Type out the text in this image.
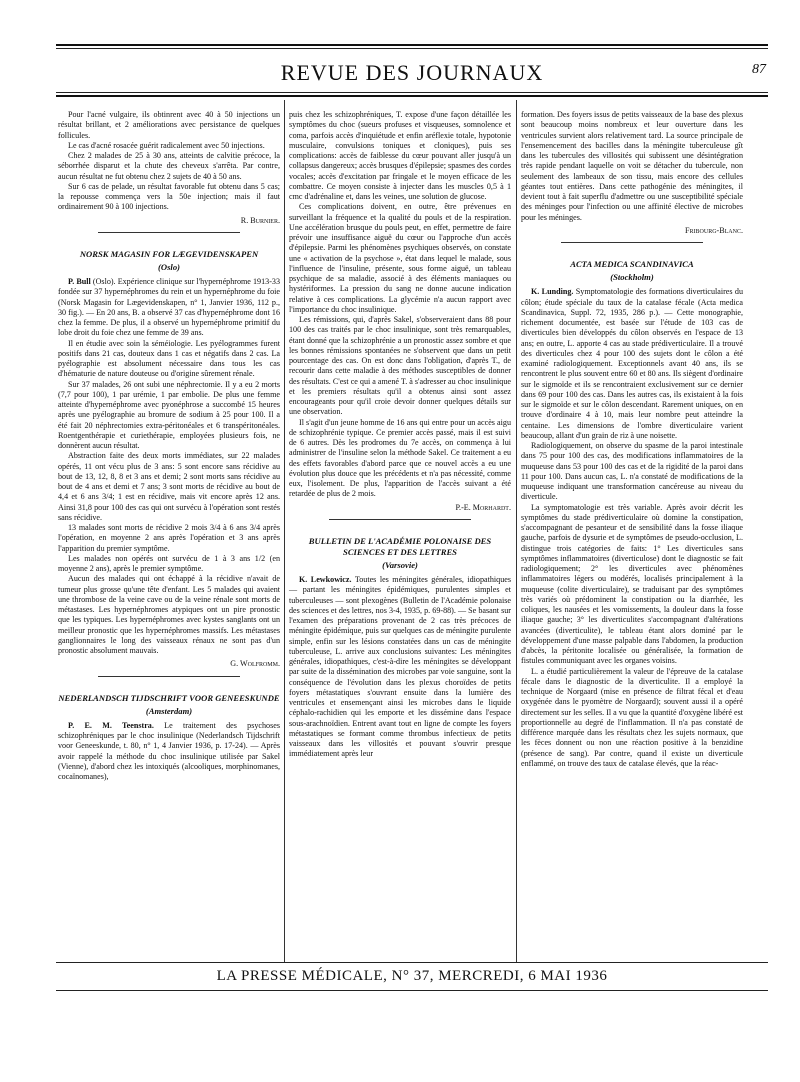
REVUE DES JOURNAUX	87

Pour l'acné vulgaire, ils obtinrent avec 40 à 50 injections un résultat brillant, et 2 améliorations avec persistance de quelques follicules.

Le cas d'acné rosacée guérit radicalement avec 50 injections.

Chez 2 malades de 25 à 30 ans, atteints de calvitie précoce, la séborrhée disparut et la chute des cheveux s'arrêta. Par contre, aucun résultat ne fut obtenu chez 2 sujets de 40 à 50 ans.

Sur 6 cas de pelade, un résultat favorable fut obtenu dans 5 cas; la repousse commença vers la 50e injection; mais il faut ordinairement 90 à 100 injections.

R. Burnier.

NORSK MAGASIN FOR LÆGEVIDENSKAPEN

(Oslo)

P. Bull (Oslo). Expérience clinique sur l'hypernéphrome 1913-33 fondée sur 37 hypernéphromes du rein et un hypernéphrome du foie (Norsk Magasin for Lægevidenskapen, n° 1, Janvier 1936, 112 p., 30 fig.). — En 20 ans, B. a observé 37 cas d'hypernéphrome dont 16 chez la femme. De plus, il a observé un hypernéphrome primitif du lobe droit du foie chez une femme de 39 ans.

Il en étudie avec soin la séméiologie. Les pyélogrammes furent positifs dans 21 cas, douteux dans 1 cas et négatifs dans 2 cas. La pyélographie est absolument nécessaire dans tous les cas d'hématurie de nature douteuse ou d'origine sûrement rénale.

Sur 37 malades, 26 ont subi une néphrectomie. Il y a eu 2 morts (7,7 pour 100), 1 par urémie, 1 par embolie. De plus une femme atteinte d'hypernéphrome avec pyonéphrose a succombé 15 heures après une pyélographie au bromure de sodium à 25 pour 100. Il a été fait 20 néphrectomies extra-péritonéales et 6 transpéritonéales. Roentgenthérapie et curiethérapie, employées plusieurs fois, ne donnèrent aucun résultat.

Abstraction faite des deux morts immédiates, sur 22 malades opérés, 11 ont vécu plus de 3 ans: 5 sont encore sans récidive au bout de 13, 12, 8, 8 et 3 ans et demi; 2 sont morts sans récidive au bout de 4 ans et demi et 7 ans; 3 sont morts de récidive au bout de 4,4 et 6 ans 3/4; 1 est en récidive, mais vit encore après 12 ans. Ainsi 31,8 pour 100 des cas qui ont survécu à l'opération sont restés sans récidive.

13 malades sont morts de récidive 2 mois 3/4 à 6 ans 3/4 après l'opération, en moyenne 2 ans après l'opération et 3 ans après l'apparition du premier symptôme.

Les malades non opérés ont survécu de 1 à 3 ans 1/2 (en moyenne 2 ans), après le premier symptôme.

Aucun des malades qui ont échappé à la récidive n'avait de tumeur plus grosse qu'une tête d'enfant. Les 5 malades qui avaient une thrombose de la veine cave ou de la veine rénale sont morts de métastases. Les hypernéphromes atypiques ont un pire pronostic que les typiques. Les hypernéphromes avec kystes sanglants ont un meilleur pronostic que les hypernéphromes massifs. Les métastases ganglionnaires le long des vaisseaux rénaux ne sont pas d'un pronostic absolument mauvais.

G. Wolfromm.

NEDERLANDSCH TIJDSCHRIFT VOOR GENEESKUNDE

(Amsterdam)

P. E. M. Teenstra. Le traitement des psychoses schizophréniques par le choc insulinique (Nederlandsch Tijdschrift voor Geneeskunde, t. 80, n° 1, 4 Janvier 1936, p. 17-24). — Après avoir rappelé la méthode du choc insulinique utilisée par Sakel (Vienne), d'abord chez les intoxiqués (alcooliques, morphinomanes, cocaïnomanes),

puis chez les schizophréniques, T. expose d'une façon détaillée les symptômes du choc (sueurs profuses et visqueuses, somnolence et coma, parfois accès d'inquiétude et enfin aréflexie totale, hypotonie musculaire, convulsions toniques et cloniques), puis ses complications: accès de faiblesse du cœur pouvant aller jusqu'à un collapsus dangereux; accès brusques d'épilepsie; spasmes des cordes vocales; accès d'excitation par fringale et le moyen efficace de les combattre. Ce moyen consiste à injecter dans les muscles 0,5 à 1 cmc d'adrénaline et, dans les veines, une solution de glucose.

Ces complications doivent, en outre, être prévenues en surveillant la fréquence et la qualité du pouls et de la respiration. Une accélération brusque du pouls peut, en effet, permettre de faire prévoir une insuffisance aiguë du cœur ou l'approche d'un accès d'épilepsie. Parmi les phénomènes psychiques observés, on constate une « activation de la psychose », état dans lequel le malade, sous l'influence de l'insuline, présente, sous forme aiguë, un tableau psychique de sa maladie, associé à des éléments maniaques ou hystériformes. La pression du sang ne donne aucune indication relative à ces complications. La glycémie n'a aucun rapport avec l'importance du choc insulinique.

Les rémissions, qui, d'après Sakel, s'observeraient dans 88 pour 100 des cas traités par le choc insulinique, sont très remarquables, étant donné que la schizophrénie a un pronostic assez sombre et que les bonnes rémissions spontanées ne s'observent que dans un petit pourcentage des cas. On est donc dans l'obligation, d'après T., de recourir dans cette maladie à des méthodes susceptibles de donner des résultats. C'est ce qui a amené T. à s'adresser au choc insulinique et les premiers résultats qu'il a obtenus ainsi sont assez encourageants pour qu'il croie devoir donner quelques détails sur une observation.

Il s'agit d'un jeune homme de 16 ans qui entre pour un accès aigu de schizophrénie typique. Ce premier accès passé, mais il est suivi de 6 autres. Dès les prodromes du 7e accès, on commença à lui administrer de l'insuline selon la méthode Sakel. Ce traitement a eu des effets favorables d'abord parce que ce nouvel accès a eu une évolution plus douce que les précédents et n'a pas nécessité, comme eux, l'isolement. De plus, l'apparition de l'accès suivant a été retardée de plus de 2 mois.

P.-E. Morhardt.

BULLETIN DE L'ACADÉMIE POLONAISE DES SCIENCES ET DES LETTRES

(Varsovie)

K. Lewkowicz. Toutes les méningites générales, idiopathiques — partant les méningites épidémiques, purulentes simples et tuberculeuses — sont plexogènes (Bulletin de l'Académie polonaise des sciences et des lettres, nos 3-4, 1935, p. 69-88). — Se basant sur l'examen des préparations provenant de 2 cas très précoces de méningite épidémique, puis sur quelques cas de méningite purulente simple, enfin sur les lésions constatées dans un cas de méningite tuberculeuse, L. arrive aux conclusions suivantes: Les méningites générales, idiopathiques, c'est-à-dire les méningites se développant par suite de la dissémination des microbes par voie sanguine, sont la conséquence de l'évolution dans les plexus choroïdes de petits foyers métastatiques s'ouvrant ensuite dans la lumière des ventricules et ensemençant ainsi les microbes dans le liquide céphalo-rachidien qui les emporte et les dissémine dans l'espace sous-arachnoïdien. Entrent avant tout en ligne de compte les foyers métastatiques se formant comme thrombus infectieux de petits vaisseaux dans les villosités et pouvant s'ouvrir presque immédiatement après leur

formation. Des foyers issus de petits vaisseaux de la base des plexus sont beaucoup moins nombreux et leur ouverture dans les ventricules survient alors relativement tard. La source principale de l'ensemencement des bacilles dans la méningite tuberculeuse gît dans les tubercules des villosités qui subissent une désintégration très rapide pendant laquelle on voit se détacher du tubercule, non seulement des lambeaux de son tissu, mais encore des cellules géantes tout entières. Dans cette pathogénie des méningites, il devient tout à fait superflu d'admettre ou une susceptibilité spéciale des méninges pour l'infection ou une affinité élective de microbes pour les méninges.

Fribourg-Blanc.

ACTA MEDICA SCANDINAVICA

(Stockholm)

K. Lunding. Symptomatologie des formations diverticulaires du côlon; étude spéciale du taux de la catalase fécale (Acta medica Scandinavica, Suppl. 72, 1935, 286 p.). — Cette monographie, richement documentée, est basée sur l'étude de 103 cas de diverticules bien développés du côlon observés en l'espace de 13 ans; en outre, L. apporte 4 cas au stade prédiverticulaire. Il a trouvé des diverticules chez 4 pour 100 des sujets dont le côlon a été examiné radiologiquement. Exceptionnels avant 40 ans, ils se rencontrent le plus souvent entre 60 et 80 ans. Ils siègent d'ordinaire sur le sigmoïde et ils se rencontraient exclusivement sur ce dernier dans 69 pour 100 des cas. Dans les autres cas, ils existaient à la fois sur le sigmoïde et sur le côlon descendant. Rarement uniques, on en trouve d'ordinaire 4 à 10, mais leur nombre peut atteindre la centaine. Les dimensions de l'ombre diverticulaire varient beaucoup, allant d'un grain de riz à une noisette.

Radiologiquement, on observe du spasme de la paroi intestinale dans 75 pour 100 des cas, des modifications inflammatoires de la muqueuse dans 53 pour 100 des cas et de la rigidité de la paroi dans 11 pour 100. Dans aucun cas, L. n'a constaté de modifications de la muqueuse indiquant une transformation cancéreuse au niveau du diverticule.

La symptomatologie est très variable. Après avoir décrit les symptômes du stade prédiverticulaire où domine la constipation, s'accompagnant de pesanteur et de sensibilité dans la fosse iliaque gauche, parfois de dysurie et de symptômes de pseudo-occlusion, L. distingue trois catégories de faits: 1° Les diverticules sans symptômes inflammatoires (diverticulose) dont le diagnostic se fait radiologiquement; 2° les diverticules avec phénomènes inflammatoires légers ou modérés, localisés principalement à la muqueuse (colite diverticulaire), se traduisant par des symptômes très variés où prédominent la constipation ou la diarrhée, les coliques, les nausées et les vomissements, la douleur dans la fosse iliaque gauche; 3° les diverticulites s'accompagnant d'altérations avancées (diverticulite), le tableau étant alors dominé par le développement d'une masse palpable dans l'abdomen, la production d'abcès, la péritonite localisée ou généralisée, la formation de fistules communiquant avec les organes voisins.

L. a étudié particulièrement la valeur de l'épreuve de la catalase fécale dans le diagnostic de la diverticulite. Il a employé la technique de Norgaard (mise en présence de filtrat fécal et d'eau oxygénée dans le pyomètre de Norgaard); souvent aussi il a opéré directement sur les selles. Il a vu que la quantité d'oxygène libéré est proportionnelle au degré de l'inflammation. Il n'a pas constaté de différence marquée dans les résultats chez les sujets normaux, que les fèces donnent ou non une réaction positive à la benzidine (présence de sang). Par contre, quand il existe un diverticule enflammé, on trouve des taux de catalase élevés, que la réac-

LA PRESSE MÉDICALE, N° 37, MERCREDI, 6 MAI 1936
